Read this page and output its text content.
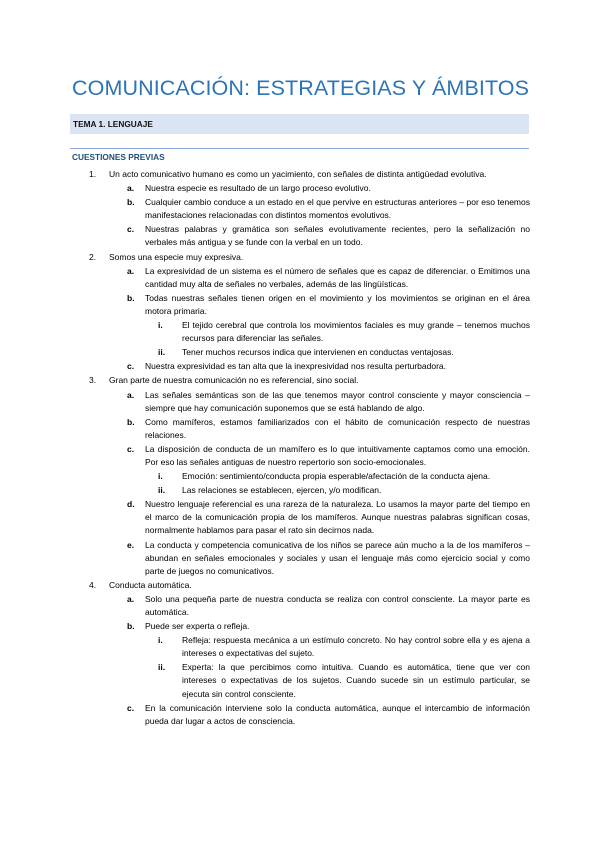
COMUNICACIÓN: ESTRATEGIAS Y ÁMBITOS
TEMA 1. LENGUAJE
CUESTIONES PREVIAS
1. Un acto comunicativo humano es como un yacimiento, con señales de distinta antigüedad evolutiva.
a. Nuestra especie es resultado de un largo proceso evolutivo.
b. Cualquier cambio conduce a un estado en el que pervive en estructuras anteriores – por eso tenemos manifestaciones relacionadas con distintos momentos evolutivos.
c. Nuestras palabras y gramática son señales evolutivamente recientes, pero la señalización no verbales más antigua y se funde con la verbal en un todo.
2. Somos una especie muy expresiva.
a. La expresividad de un sistema es el número de señales que es capaz de diferenciar. o Emitimos una cantidad muy alta de señales no verbales, además de las lingüísticas.
b. Todas nuestras señales tienen origen en el movimiento y los movimientos se originan en el área motora primaria.
i. El tejido cerebral que controla los movimientos faciales es muy grande – tenemos muchos recursos para diferenciar las señales.
ii. Tener muchos recursos indica que intervienen en conductas ventajosas.
c. Nuestra expresividad es tan alta que la inexpresividad nos resulta perturbadora.
3. Gran parte de nuestra comunicación no es referencial, sino social.
a. Las señales semánticas son de las que tenemos mayor control consciente y mayor consciencia – siempre que hay comunicación suponemos que se está hablando de algo.
b. Como mamíferos, estamos familiarizados con el hábito de comunicación respecto de nuestras relaciones.
c. La disposición de conducta de un mamífero es lo que intuitivamente captamos como una emoción. Por eso las señales antiguas de nuestro repertorio son socio-emocionales.
i. Emoción: sentimiento/conducta propia esperable/afectación de la conducta ajena.
ii. Las relaciones se establecen, ejercen, y/o modifican.
d. Nuestro lenguaje referencial es una rareza de la naturaleza. Lo usamos la mayor parte del tiempo en el marco de la comunicación propia de los mamíferos. Aunque nuestras palabras significan cosas, normalmente hablamos para pasar el rato sin decirnos nada.
e. La conducta y competencia comunicativa de los niños se parece aún mucho a la de los mamíferos – abundan en señales emocionales y sociales y usan el lenguaje más como ejercicio social y como parte de juegos no comunicativos.
4. Conducta automática.
a. Solo una pequeña parte de nuestra conducta se realiza con control consciente. La mayor parte es automática.
b. Puede ser experta o refleja.
i. Refleja: respuesta mecánica a un estímulo concreto. No hay control sobre ella y es ajena a intereses o expectativas del sujeto.
ii. Experta: la que percibimos como intuitiva. Cuando es automática, tiene que ver con intereses o expectativas de los sujetos. Cuando sucede sin un estímulo particular, se ejecuta sin control consciente.
c. En la comunicación interviene solo la conducta automática, aunque el intercambio de información pueda dar lugar a actos de consciencia.
